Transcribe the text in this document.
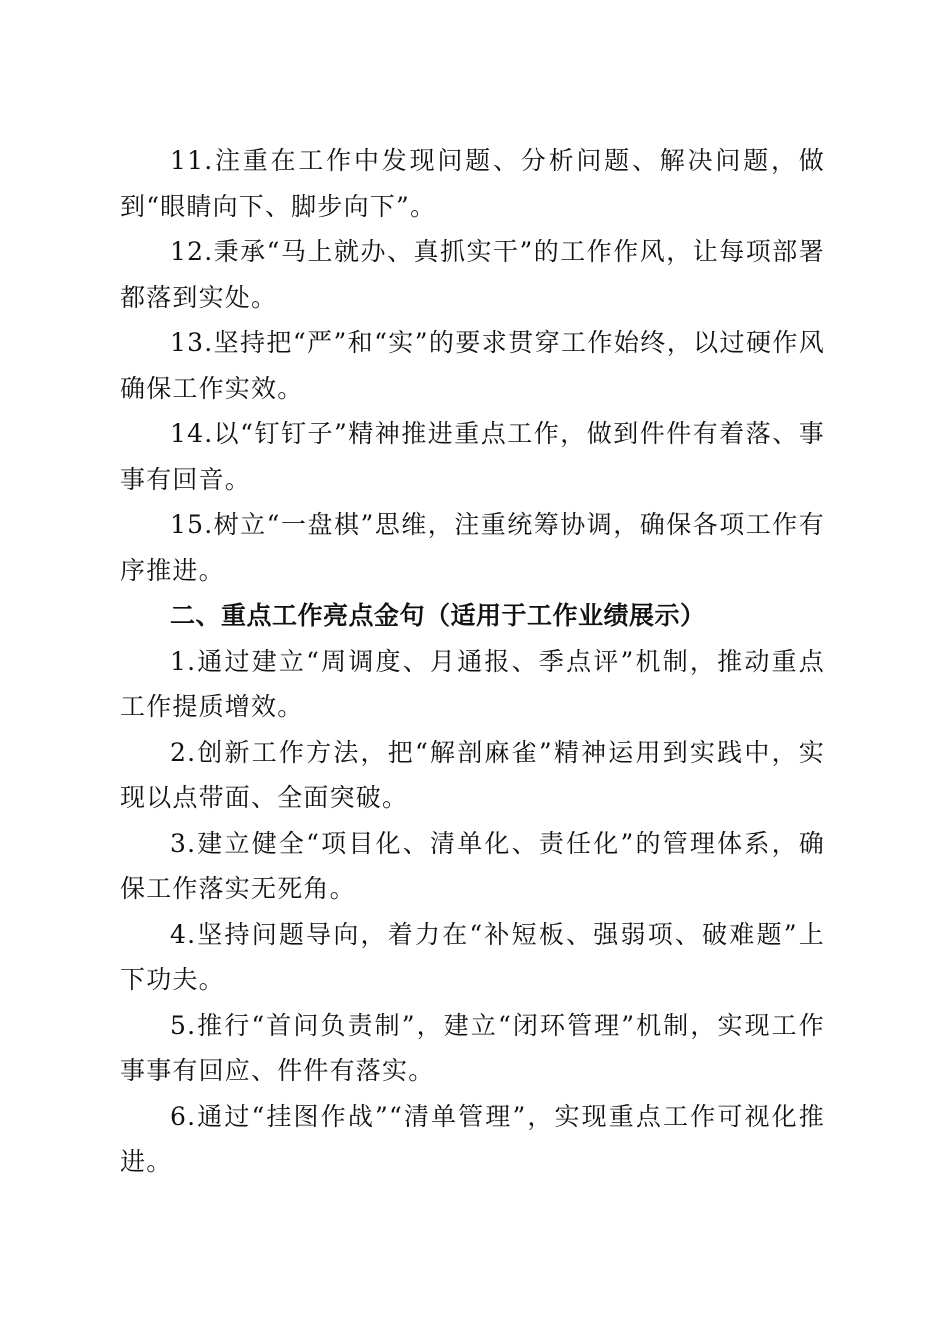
11.注重在工作中发现问题、分析问题、解决问题，做到“眼睛向下、脚步向下”。

12.秉承“马上就办、真抓实干”的工作作风，让每项部署都落到实处。

13.坚持把“严”和“实”的要求贯穿工作始终，以过硬作风确保工作实效。

14.以“钉钉子”精神推进重点工作，做到件件有着落、事事有回音。

15.树立“一盘棋”思维，注重统筹协调，确保各项工作有序推进。

二、重点工作亮点金句（适用于工作业绩展示）

1.通过建立“周调度、月通报、季点评”机制，推动重点工作提质增效。

2.创新工作方法，把“解剖麻雀”精神运用到实践中，实现以点带面、全面突破。

3.建立健全“项目化、清单化、责任化”的管理体系，确保工作落实无死角。

4.坚持问题导向，着力在“补短板、强弱项、破难题”上下功夫。

5.推行“首问负责制”，建立“闭环管理”机制，实现工作事事有回应、件件有落实。

6.通过“挂图作战”“清单管理”，实现重点工作可视化推进。
